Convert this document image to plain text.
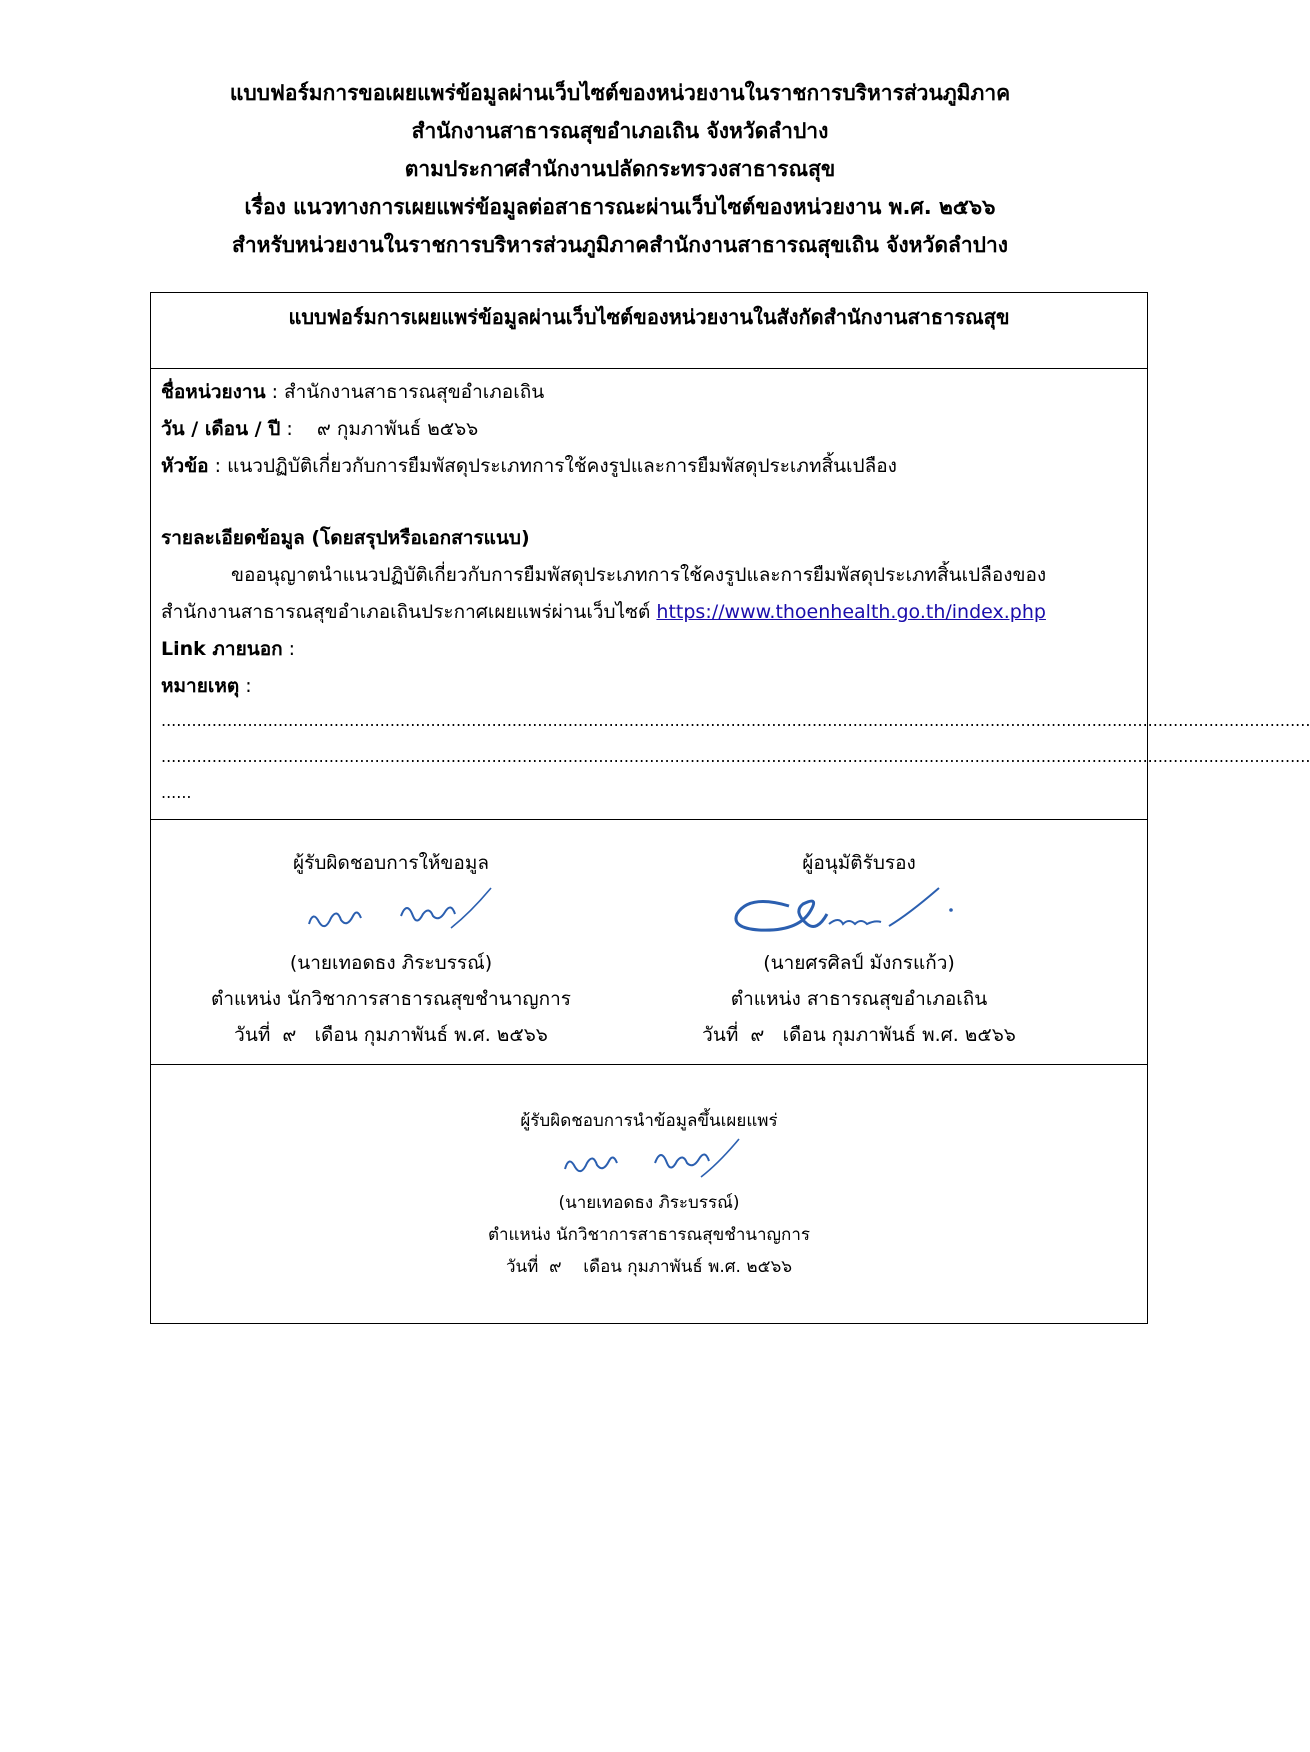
แบบฟอร์มการขอเผยแพร่ข้อมูลผ่านเว็บไซต์ของหน่วยงานในราชการบริหารส่วนภูมิภาค
สำนักงานสาธารณสุขอำเภอเถิน จังหวัดลำปาง
ตามประกาศสำนักงานปลัดกระทรวงสาธารณสุข
เรื่อง แนวทางการเผยแพร่ข้อมูลต่อสาธารณะผ่านเว็บไซต์ของหน่วยงาน พ.ศ. ๒๕๖๖
สำหรับหน่วยงานในราชการบริหารส่วนภูมิภาคสำนักงานสาธารณสุขเถิน จังหวัดลำปาง
แบบฟอร์มการเผยแพร่ข้อมูลผ่านเว็บไซต์ของหน่วยงานในสังกัดสำนักงานสาธารณสุข
ชื่อหน่วยงาน : สำนักงานสาธารณสุขอำเภอเถิน
วัน / เดือน / ปี :    ๙ กุมภาพันธ์ ๒๕๖๖
หัวข้อ : แนวปฏิบัติเกี่ยวกับการยืมพัสดุประเภทการใช้คงรูปและการยืมพัสดุประเภทสิ้นเปลือง
รายละเอียดข้อมูล (โดยสรุปหรือเอกสารแนบ)
ขออนุญาตนำแนวปฏิบัติเกี่ยวกับการยืมพัสดุประเภทการใช้คงรูปและการยืมพัสดุประเภทสิ้นเปลืองของ
สำนักงานสาธารณสุขอำเภอเถินประกาศเผยแพร่ผ่านเว็บไซต์ https://www.thoenhealth.go.th/index.php
Link ภายนอก :
หมายเหตุ :
..................................................................................................................................................................................................................................
..................................................................................................................................................................................................................................
......
ผู้รับผิดชอบการให้ขอมูล
(นายเทอดธง ภิระบรรณ์)
ตำแหน่ง นักวิชาการสาธารณสุขชำนาญการ
วันที่  ๙   เดือน กุมภาพันธ์ พ.ศ. ๒๕๖๖
ผู้อนุมัติรับรอง
(นายศรศิลป์ มังกรแก้ว)
ตำแหน่ง สาธารณสุขอำเภอเถิน
วันที่  ๙   เดือน กุมภาพันธ์ พ.ศ. ๒๕๖๖
ผู้รับผิดชอบการนำข้อมูลขึ้นเผยแพร่
(นายเทอดธง ภิระบรรณ์)
ตำแหน่ง นักวิชาการสาธารณสุขชำนาญการ
วันที่  ๙    เดือน กุมภาพันธ์ พ.ศ. ๒๕๖๖
